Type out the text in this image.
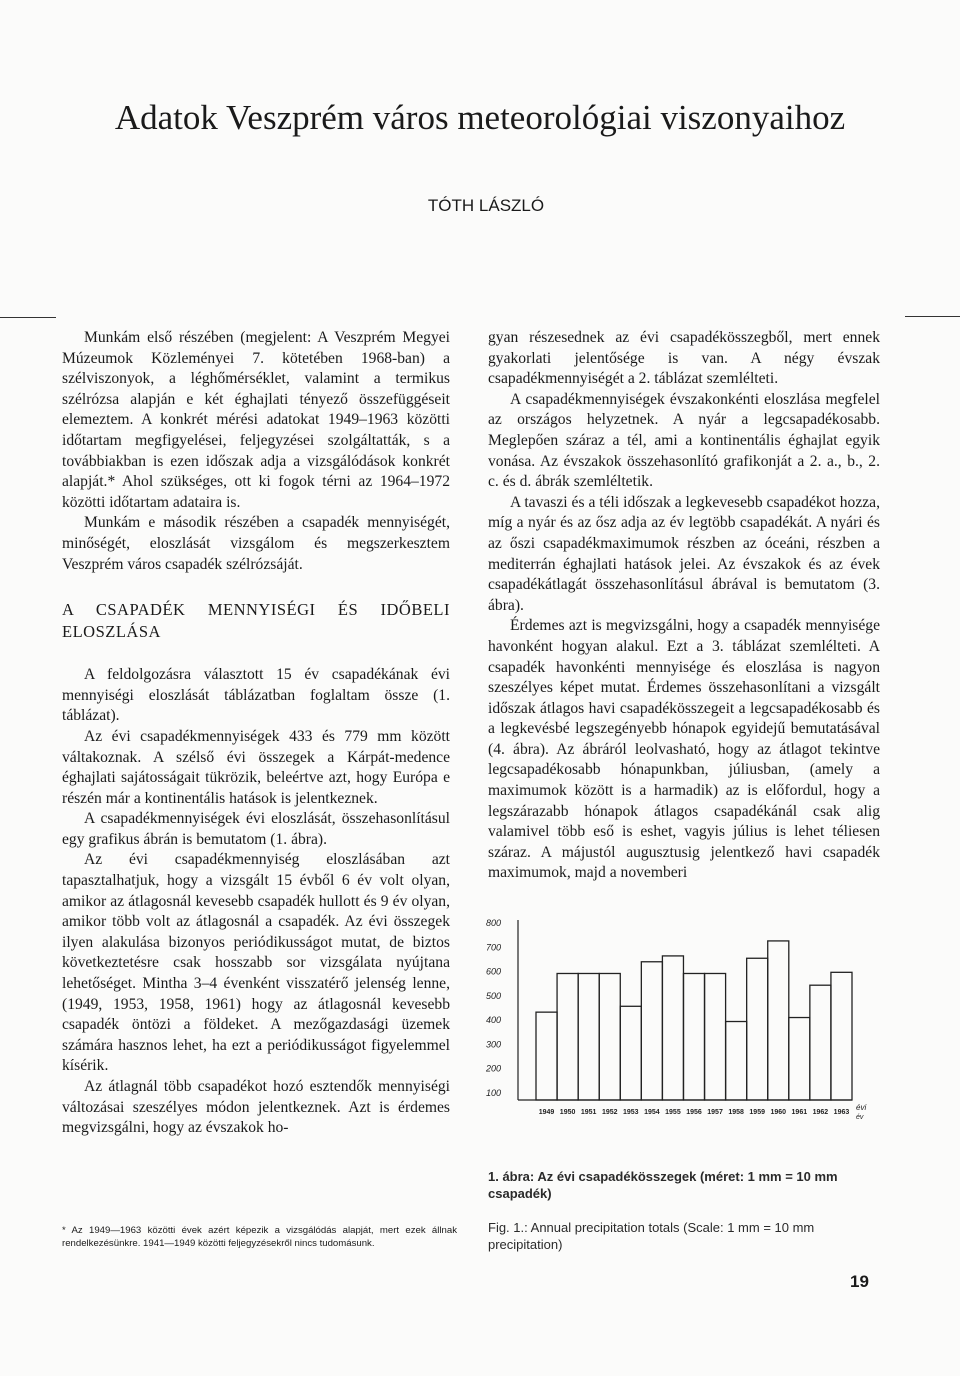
Adatok Veszprém város meteorológiai viszonyaihoz
TÓTH LÁSZLÓ

Munkám első részében (megjelent: A Veszprém Megyei Múzeumok Közleményei 7. kötetében 1968-ban) a szélviszonyok, a léghőmérséklet, valamint a termikus szélrózsa alapján e két éghajlati tényező összefüggéseit elemeztem. A konkrét mérési adatokat 1949–1963 közötti időtartam megfigyelései, feljegyzései szolgáltatták, s a továbbiakban is ezen időszak adja a vizsgálódások konkrét alapját.* Ahol szükséges, ott ki fogok térni az 1964–1972 közötti időtartam adataira is.

Munkám e második részében a csapadék mennyiségét, minőségét, eloszlását vizsgálom és megszerkesztem Veszprém város csapadék szélrózsáját.

A CSAPADÉK MENNYISÉGI ÉS IDŐBELI
ELOSZLÁSA

A feldolgozásra választott 15 év csapadékának évi mennyiségi eloszlását táblázatban foglaltam össze (1. táblázat).

Az évi csapadékmennyiségek 433 és 779 mm között váltakoznak. A szélső évi összegek a Kárpát-medence éghajlati sajátosságait tükrözik, beleértve azt, hogy Európa e részén már a kontinentális hatások is jelentkeznek.

A csapadékmennyiségek évi eloszlását, összehasonlításul egy grafikus ábrán is bemutatom (1. ábra).

Az évi csapadékmennyiség eloszlásában azt tapasztalhatjuk, hogy a vizsgált 15 évből 6 év volt olyan, amikor az átlagosnál kevesebb csapadék hullott és 9 év olyan, amikor több volt az átlagosnál a csapadék. Az évi összegek ilyen alakulása bizonyos periódikusságot mutat, de biztos következtetésre csak hosszabb sor vizsgálata nyújtana lehetőséget. Mintha 3–4 évenként visszatérő jelenség lenne, (1949, 1953, 1958, 1961) hogy az átlagosnál kevesebb csapadék öntözi a földeket. A mezőgazdasági üzemek számára hasznos lehet, ha ezt a periódikusságot figyelemmel kísérik.

Az átlagnál több csapadékot hozó esztendők mennyiségi változásai szeszélyes módon jelentkeznek. Azt is érdemes megvizsgálni, hogy az évszakok ho-

gyan részesednek az évi csapadékösszegből, mert ennek gyakorlati jelentősége is van. A négy évszak csapadékmennyiségét a 2. táblázat szemlélteti.

A csapadékmennyiségek évszakonkénti eloszlása megfelel az országos helyzetnek. A nyár a legcsapadékosabb. Meglepően száraz a tél, ami a kontinentális éghajlat egyik vonása. Az évszakok összehasonlító grafikonját a 2. a., b., 2. c. és d. ábrák szemléltetik.

A tavaszi és a téli időszak a legkevesebb csapadékot hozza, míg a nyár és az ősz adja az év legtöbb csapadékát. A nyári és az őszi csapadékmaximumok részben az óceáni, részben a mediterrán éghajlati hatások jelei. Az évszakok és az évek csapadékátlagát összehasonlításul ábrával is bemutatom (3. ábra).

Érdemes azt is megvizsgálni, hogy a csapadék mennyisége havonként hogyan alakul. Ezt a 3. táblázat szemlélteti. A csapadék havonkénti mennyisége és eloszlása is nagyon szeszélyes képet mutat. Érdemes összehasonlítani a vizsgált időszak átlagos havi csapadékösszegeit a legcsapadékosabb és a legkevésbé legszegényebb hónapok egyidejű bemutatásával (4. ábra). Az ábráról leolvasható, hogy az átlagot tekintve legcsapadékosabb hónapunkban, júliusban, (amely a maximumok között is a harmadik) az is előfordul, hogy a legszárazabb hónapok átlagos csapadékánál csak alig valamivel több eső is eshet, vagyis július is lehet téliesen száraz. A májustól augusztusig jelentkező havi csapadék maximumok, majd a novemberi

800
700
600
500
400
300
200
100
1949 1950 1951 1952 1953 1954 1955 1956 1957 1958 1959 1960 1961 1962 1963
évi
év
1. ábra: Az évi csapadékösszegek (méret: 1 mm = 10 mm csapadék)
Fig. 1.: Annual precipitation totals (Scale: 1 mm = 10 mm precipitation)
* Az 1949—1963 közötti évek azért képezik a vizsgálódás alapját, mert ezek állnak rendelkezésünkre. 1941—1949 közötti feljegyzésekről nincs tudomásunk.
19
